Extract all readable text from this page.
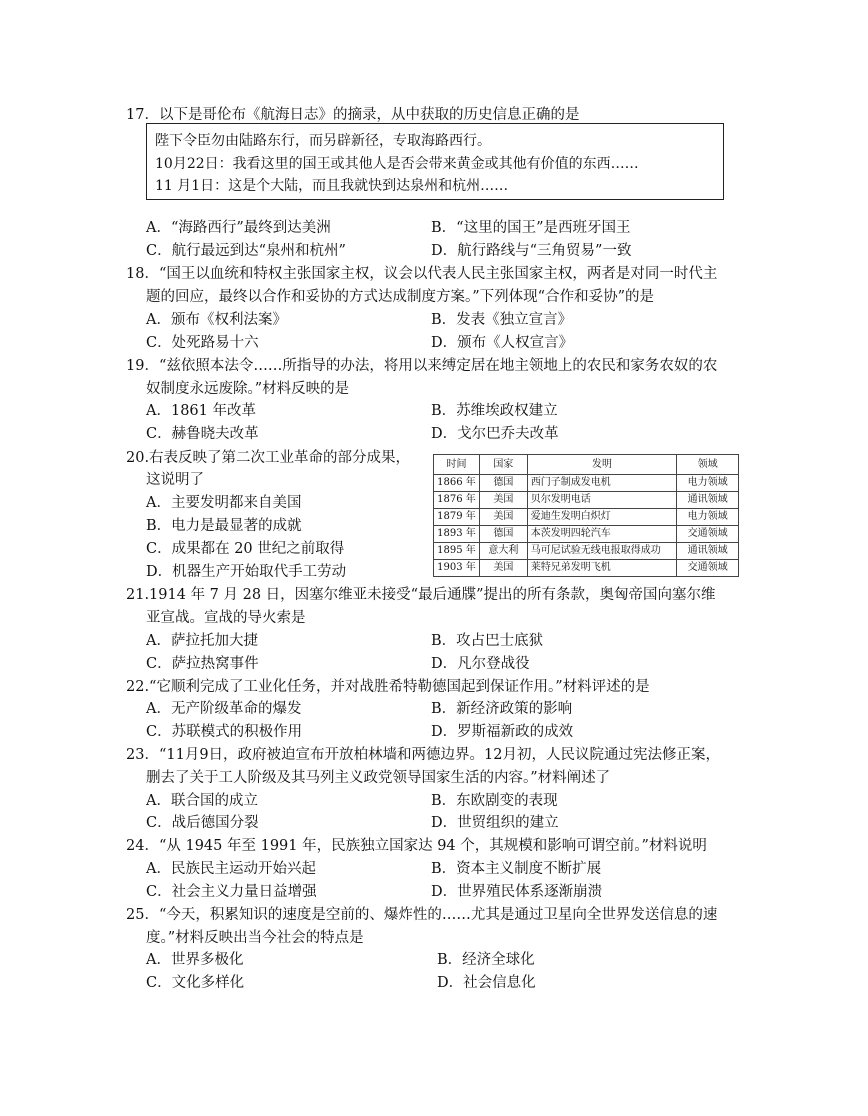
17．以下是哥伦布《航海日志》的摘录，从中获取的历史信息正确的是
陛下令臣勿由陆路东行，而另辟新径，专取海路西行。
10月22日：我看这里的国王或其他人是否会带来黄金或其他有价值的东西……
11 月1日：这是个大陆，而且我就快到达泉州和杭州……
A．“海路西行”最终到达美洲	B．“这里的国王”是西班牙国王
C．航行最远到达“泉州和杭州”	D．航行路线与“三角贸易”一致
18．“国王以血统和特权主张国家主权，议会以代表人民主张国家主权，两者是对同一时代主
题的回应，最终以合作和妥协的方式达成制度方案。”下列体现“合作和妥协”的是
A．颁布《权利法案》	B．发表《独立宣言》
C．处死路易十六	D．颁布《人权宣言》
19．“兹依照本法令……所指导的办法，将用以来缚定居在地主领地上的农民和家务农奴的农
奴制度永远废除。”材料反映的是
A．1861 年改革	B．苏维埃政权建立
C．赫鲁晓夫改革	D．戈尔巴乔夫改革
20.右表反映了第二次工业革命的部分成果，
这说明了
A．主要发明都来自美国
B．电力是最显著的成就
C．成果都在 20 世纪之前取得
D．机器生产开始取代手工劳动
时间	国家	发明	领域
1866 年	德国	西门子制成发电机	电力领域
1876 年	美国	贝尔发明电话	通讯领域
1879 年	美国	爱迪生发明白炽灯	电力领域
1893 年	德国	本茨发明四轮汽车	交通领域
1895 年	意大利	马可尼试验无线电报取得成功	通讯领域
1903 年	美国	莱特兄弟发明飞机	交通领域
21.1914 年 7 月 28 日，因塞尔维亚未接受“最后通牒”提出的所有条款，奥匈帝国向塞尔维
亚宣战。宣战的导火索是
A．萨拉托加大捷	B．攻占巴士底狱
C．萨拉热窝事件	D．凡尔登战役
22.“它顺利完成了工业化任务，并对战胜希特勒德国起到保证作用。”材料评述的是
A．无产阶级革命的爆发	B．新经济政策的影响
C．苏联模式的积极作用	D．罗斯福新政的成效
23．“11月9日，政府被迫宣布开放柏林墙和两德边界。12月初，人民议院通过宪法修正案，
删去了关于工人阶级及其马列主义政党领导国家生活的内容。”材料阐述了
A．联合国的成立	B．东欧剧变的表现
C．战后德国分裂	D．世贸组织的建立
24．“从 1945 年至 1991 年，民族独立国家达 94 个，其规模和影响可谓空前。”材料说明
A．民族民主运动开始兴起	B．资本主义制度不断扩展
C．社会主义力量日益增强	D．世界殖民体系逐渐崩溃
25．“今天，积累知识的速度是空前的、爆炸性的……尤其是通过卫星向全世界发送信息的速
度。”材料反映出当今社会的特点是
A．世界多极化	B．经济全球化
C．文化多样化	D．社会信息化
